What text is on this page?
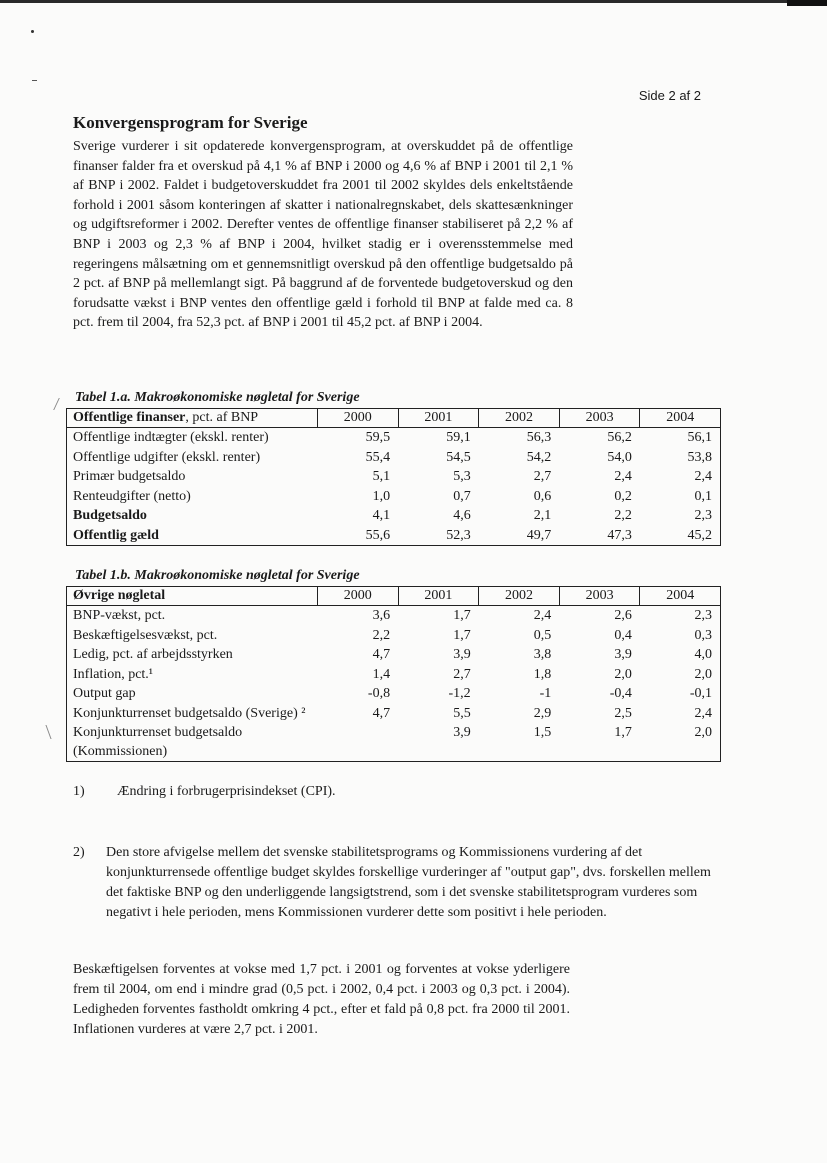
Side 2 af 2
Konvergensprogram for Sverige

Sverige vurderer i sit opdaterede konvergensprogram, at overskuddet på de offentlige finanser falder fra et overskud på 4,1 % af BNP i 2000 og 4,6 % af BNP i 2001 til 2,1 % af BNP i 2002. Faldet i budgetoverskuddet fra 2001 til 2002 skyldes dels enkeltstående forhold i 2001 såsom konteringen af skatter i nationalregnskabet, dels skattesænkninger og udgiftsreformer i 2002. Derefter ventes de offentlige finanser stabiliseret på 2,2 % af BNP i 2003 og 2,3 % af BNP i 2004, hvilket stadig er i overensstemmelse med regeringens målsætning om et gennemsnitligt overskud på den offentlige budgetsaldo på 2 pct. af BNP på mellemlangt sigt. På baggrund af de forventede budgetoverskud og den forudsatte vækst i BNP ventes den offentlige gæld i forhold til BNP at falde med ca. 8 pct. frem til 2004, fra 52,3 pct. af BNP i 2001 til 45,2 pct. af BNP i 2004.

Tabel 1.a. Makroøkonomiske nøgletal for Sverige
Offentlige finanser, pct. af BNP	2000	2001	2002	2003	2004
Offentlige indtægter (ekskl. renter)	59,5	59,1	56,3	56,2	56,1
Offentlige udgifter (ekskl. renter)	55,4	54,5	54,2	54,0	53,8
Primær budgetsaldo	5,1	5,3	2,7	2,4	2,4
Renteudgifter (netto)	1,0	0,7	0,6	0,2	0,1
Budgetsaldo	4,1	4,6	2,1	2,2	2,3
Offentlig gæld	55,6	52,3	49,7	47,3	45,2
Tabel 1.b. Makroøkonomiske nøgletal for Sverige
Øvrige nøgletal	2000	2001	2002	2003	2004
BNP-vækst, pct.	3,6	1,7	2,4	2,6	2,3
Beskæftigelsesvækst, pct.	2,2	1,7	0,5	0,4	0,3
Ledig, pct. af arbejdsstyrken	4,7	3,9	3,8	3,9	4,0
Inflation, pct.¹	1,4	2,7	1,8	2,0	2,0
Output gap	-0,8	-1,2	-1	-0,4	-0,1
Konjunkturrenset budgetsaldo (Sverige) ²	4,7	5,5	2,9	2,5	2,4
Konjunkturrenset budgetsaldo (Kommissionen)		3,9	1,5	1,7	2,0
1) Ændring i forbrugerprisindekset (CPI).
2) Den store afvigelse mellem det svenske stabilitetsprograms og Kommissionens vurdering af det konjunkturrensede offentlige budget skyldes forskellige vurderinger af "output gap", dvs. forskellen mellem det faktiske BNP og den underliggende langsigtstrend, som i det svenske stabilitetsprogram vurderes som negativt i hele perioden, mens Kommissionen vurderer dette som positivt i hele perioden.
Beskæftigelsen forventes at vokse med 1,7 pct. i 2001 og forventes at vokse yderligere frem til 2004, om end i mindre grad (0,5 pct. i 2002, 0,4 pct. i 2003 og 0,3 pct. i 2004). Ledigheden forventes fastholdt omkring 4 pct., efter et fald på 0,8 pct. fra 2000 til 2001. Inflationen vurderes at være 2,7 pct. i 2001.
